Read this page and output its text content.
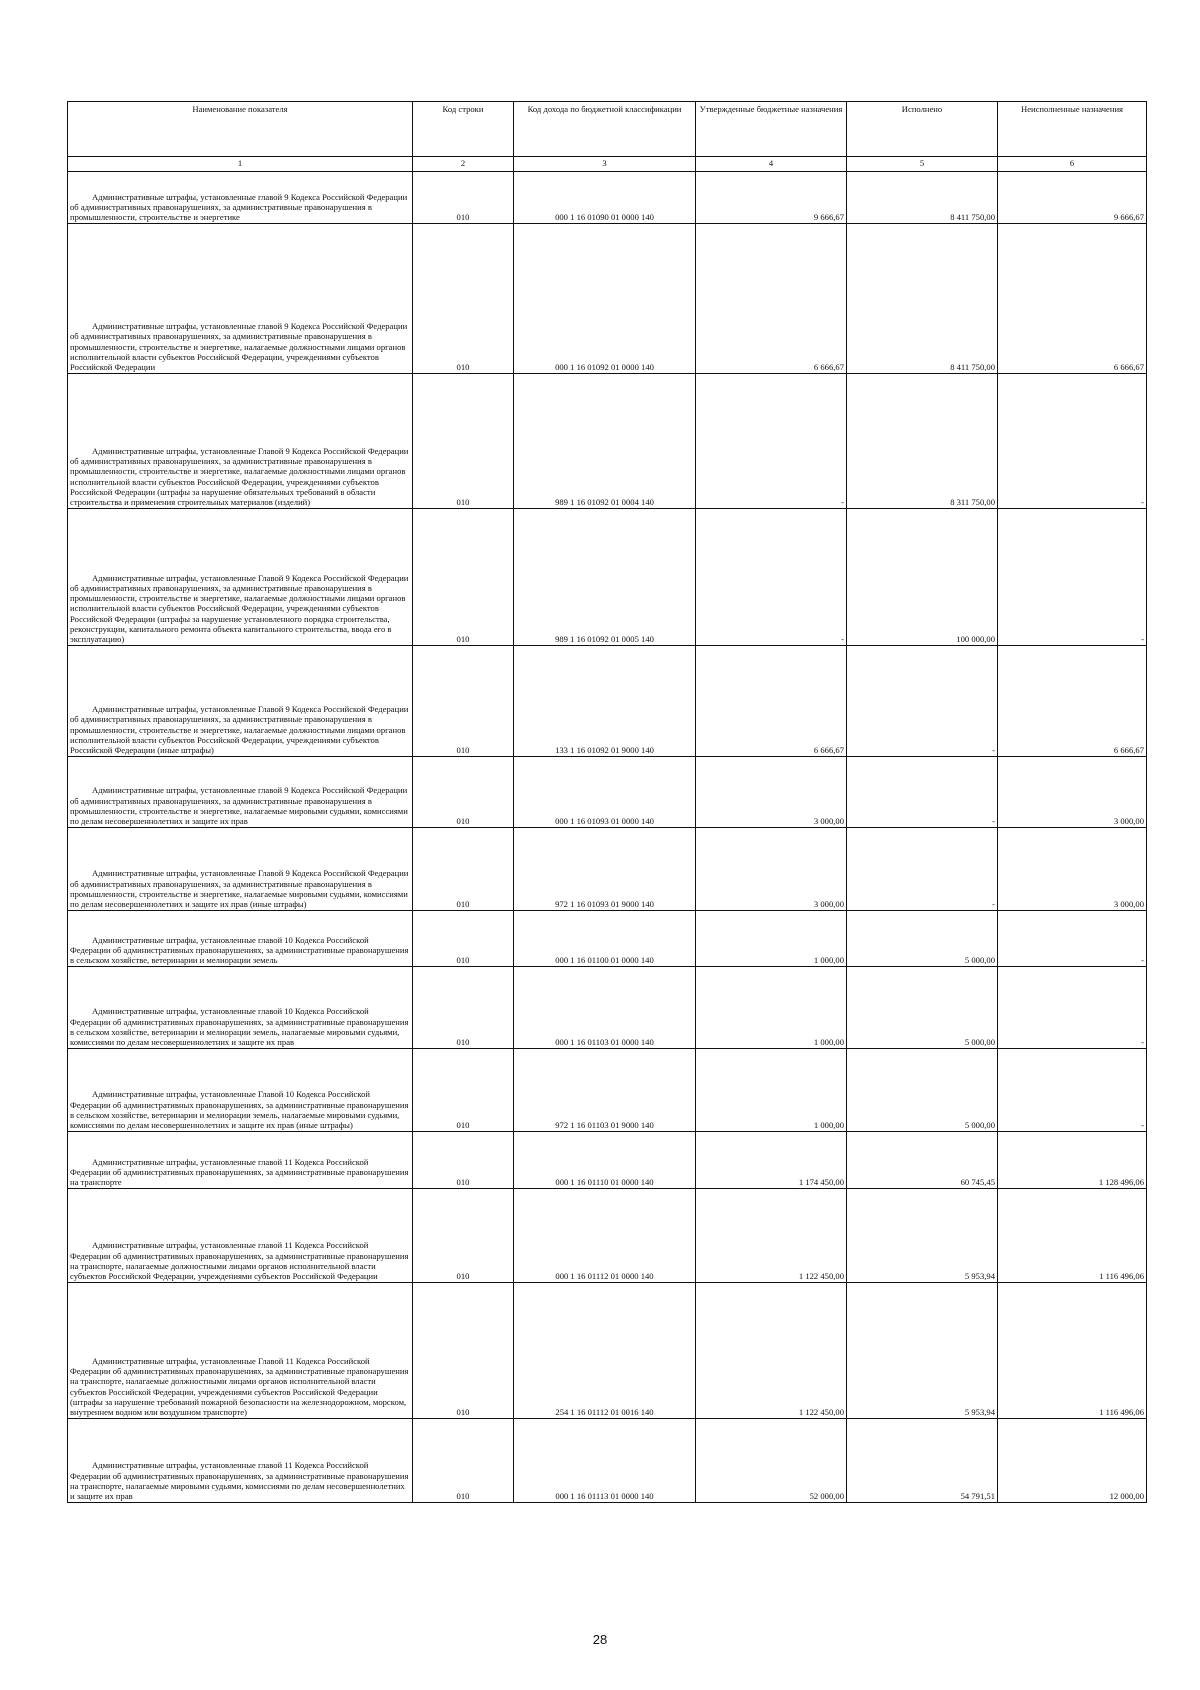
Наименование показателя	Код строки	Код дохода по бюджетной классификации	Утвержденные бюджетные назначения	Исполнено	Неисполненные назначения
1	2	3	4	5	6

Административные штрафы, установленные главой 9 Кодекса Российской Федерации об административных правонарушениях, за административные правонарушения в промышленности, строительстве и энергетике	010	000 1 16 01090 01 0000 140	9 666,67	8 411 750,00	9 666,67

Административные штрафы, установленные главой 9 Кодекса Российской Федерации об административных правонарушениях, за административные правонарушения в промышленности, строительстве и энергетике, налагаемые должностными лицами органов исполнительной власти субъектов Российской Федерации, учреждениями субъектов Российской Федерации	010	000 1 16 01092 01 0000 140	6 666,67	8 411 750,00	6 666,67

Административные штрафы, установленные Главой 9 Кодекса Российской Федерации об административных правонарушениях, за административные правонарушения в промышленности, строительстве и энергетике, налагаемые должностными лицами органов исполнительной власти субъектов Российской Федерации, учреждениями субъектов Российской Федерации (штрафы за нарушение обязательных требований в области строительства и применения строительных материалов (изделий)	010	989 1 16 01092 01 0004 140	-	8 311 750,00	-

Административные штрафы, установленные Главой 9 Кодекса Российской Федерации об административных правонарушениях, за административные правонарушения в промышленности, строительстве и энергетике, налагаемые должностными лицами органов исполнительной власти субъектов Российской Федерации, учреждениями субъектов Российской Федерации (штрафы за нарушение установленного порядка строительства, реконструкции, капитального ремонта объекта капитального строительства, ввода его в эксплуатацию)	010	989 1 16 01092 01 0005 140	-	100 000,00	-

Административные штрафы, установленные Главой 9 Кодекса Российской Федерации об административных правонарушениях, за административные правонарушения в промышленности, строительстве и энергетике, налагаемые должностными лицами органов исполнительной власти субъектов Российской Федерации, учреждениями субъектов Российской Федерации (иные штрафы)	010	133 1 16 01092 01 9000 140	6 666,67	-	6 666,67

Административные штрафы, установленные главой 9 Кодекса Российской Федерации об административных правонарушениях, за административные правонарушения в промышленности, строительстве и энергетике, налагаемые мировыми судьями, комиссиями по делам несовершеннолетних и защите их прав	010	000 1 16 01093 01 0000 140	3 000,00	-	3 000,00

Административные штрафы, установленные Главой 9 Кодекса Российской Федерации об административных правонарушениях, за административные правонарушения в промышленности, строительстве и энергетике, налагаемые мировыми судьями, комиссиями по делам несовершеннолетних и защите их прав (иные штрафы)	010	972 1 16 01093 01 9000 140	3 000,00	-	3 000,00

Административные штрафы, установленные главой 10 Кодекса Российской Федерации об административных правонарушениях, за административные правонарушения в сельском хозяйстве, ветеринарии и мелиорации земель	010	000 1 16 01100 01 0000 140	1 000,00	5 000,00	-

Административные штрафы, установленные главой 10 Кодекса Российской Федерации об административных правонарушениях, за административные правонарушения в сельском хозяйстве, ветеринарии и мелиорации земель, налагаемые мировыми судьями, комиссиями по делам несовершеннолетних и защите их прав	010	000 1 16 01103 01 0000 140	1 000,00	5 000,00	-

Административные штрафы, установленные Главой 10 Кодекса Российской Федерации об административных правонарушениях, за административные правонарушения в сельском хозяйстве, ветеринарии и мелиорации земель, налагаемые мировыми судьями, комиссиями по делам несовершеннолетних и защите их прав (иные штрафы)	010	972 1 16 01103 01 9000 140	1 000,00	5 000,00	-

Административные штрафы, установленные главой 11 Кодекса Российской Федерации об административных правонарушениях, за административные правонарушения на транспорте	010	000 1 16 01110 01 0000 140	1 174 450,00	60 745,45	1 128 496,06

Административные штрафы, установленные главой 11 Кодекса Российской Федерации об административных правонарушениях, за административные правонарушения на транспорте, налагаемые должностными лицами органов исполнительной власти субъектов Российской Федерации, учреждениями субъектов Российской Федерации	010	000 1 16 01112 01 0000 140	1 122 450,00	5 953,94	1 116 496,06

Административные штрафы, установленные Главой 11 Кодекса Российской Федерации об административных правонарушениях, за административные правонарушения на транспорте, налагаемые должностными лицами органов исполнительной власти субъектов Российской Федерации, учреждениями субъектов Российской Федерации (штрафы за нарушение требований пожарной безопасности на железнодорожном, морском, внутреннем водном или воздушном транспорте)	010	254 1 16 01112 01 0016 140	1 122 450,00	5 953,94	1 116 496,06

Административные штрафы, установленные главой 11 Кодекса Российской Федерации об административных правонарушениях, за административные правонарушения на транспорте, налагаемые мировыми судьями, комиссиями по делам несовершеннолетних и защите их прав	010	000 1 16 01113 01 0000 140	52 000,00	54 791,51	12 000,00
28
